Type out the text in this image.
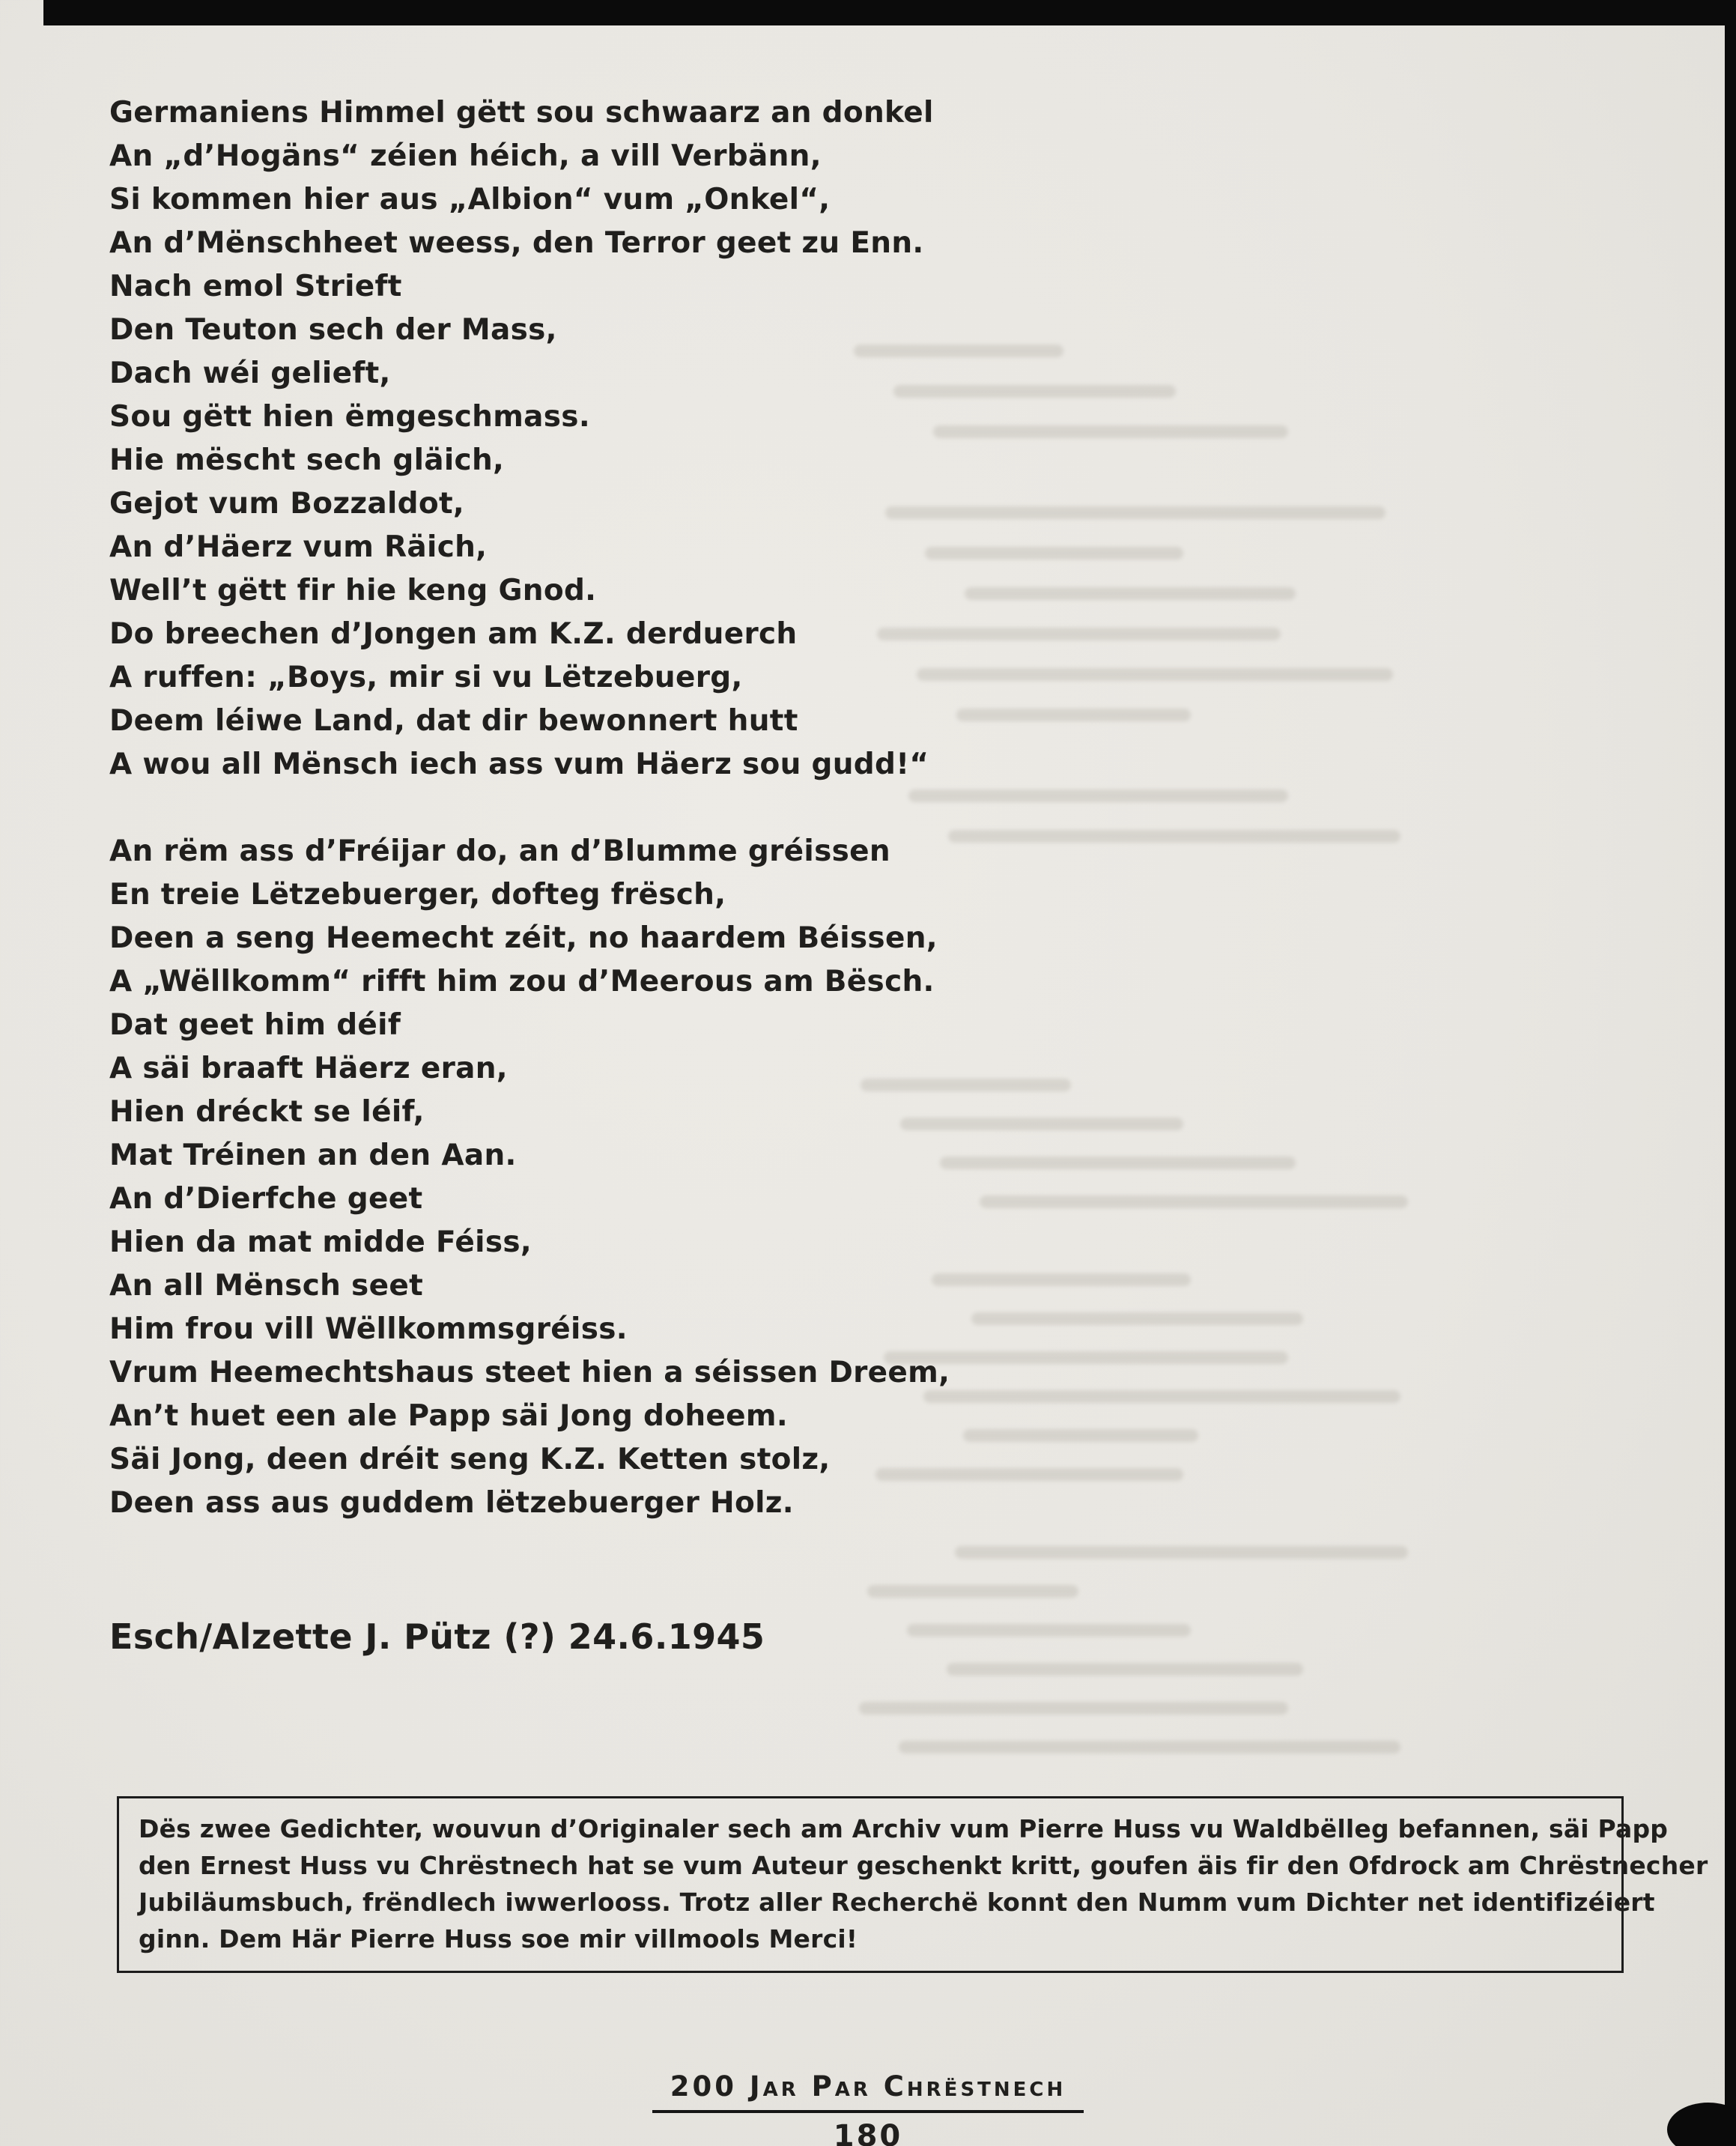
Germaniens Himmel gëtt sou schwaarz an donkel
An „d’Hogäns“ zéien héich, a vill Verbänn,
Si kommen hier aus „Albion“ vum „Onkel“,
An d’Mënschheet weess, den Terror geet zu Enn.
Nach emol Strieft
Den Teuton sech der Mass,
Dach wéi gelieft,
Sou gëtt hien ëmgeschmass.
Hie mëscht sech gläich,
Gejot vum Bozzaldot,
An d’Häerz vum Räich,
Well’t gëtt fir hie keng Gnod.
Do breechen d’Jongen am K.Z. derduerch
A ruffen: „Boys, mir si vu Lëtzebuerg,
Deem léiwe Land, dat dir bewonnert hutt
A wou all Mënsch iech ass vum Häerz sou gudd!“
An rëm ass d’Fréijar do, an d’Blumme gréissen
En treie Lëtzebuerger, dofteg frësch,
Deen a seng Heemecht zéit, no haardem Béissen,
A „Wëllkomm“ rifft him zou d’Meerous am Bësch.
Dat geet him déif
A säi braaft Häerz eran,
Hien dréckt se léif,
Mat Tréinen an den Aan.
An d’Dierfche geet
Hien da mat midde Féiss,
An all Mënsch seet
Him frou vill Wëllkommsgréiss.
Vrum Heemechtshaus steet hien a séissen Dreem,
An’t huet een ale Papp säi Jong doheem.
Säi Jong, deen dréit seng K.Z. Ketten stolz,
Deen ass aus guddem lëtzebuerger Holz.
Esch/Alzette J. Pütz (?) 24.6.1945
Dës zwee Gedichter, wouvun d’Originaler sech am Archiv vum Pierre Huss vu Waldbëlleg befannen, säi Papp
den Ernest Huss vu Chrëstnech hat se vum Auteur geschenkt kritt, goufen äis fir den Ofdrock am Chrëstnecher
Jubiläumsbuch, frëndlech iwwerlooss. Trotz aller Recherchë konnt den Numm vum Dichter net identifizéiert
ginn. Dem Här Pierre Huss soe mir villmools Merci!
200 Jar Par Chrëstnech
180
